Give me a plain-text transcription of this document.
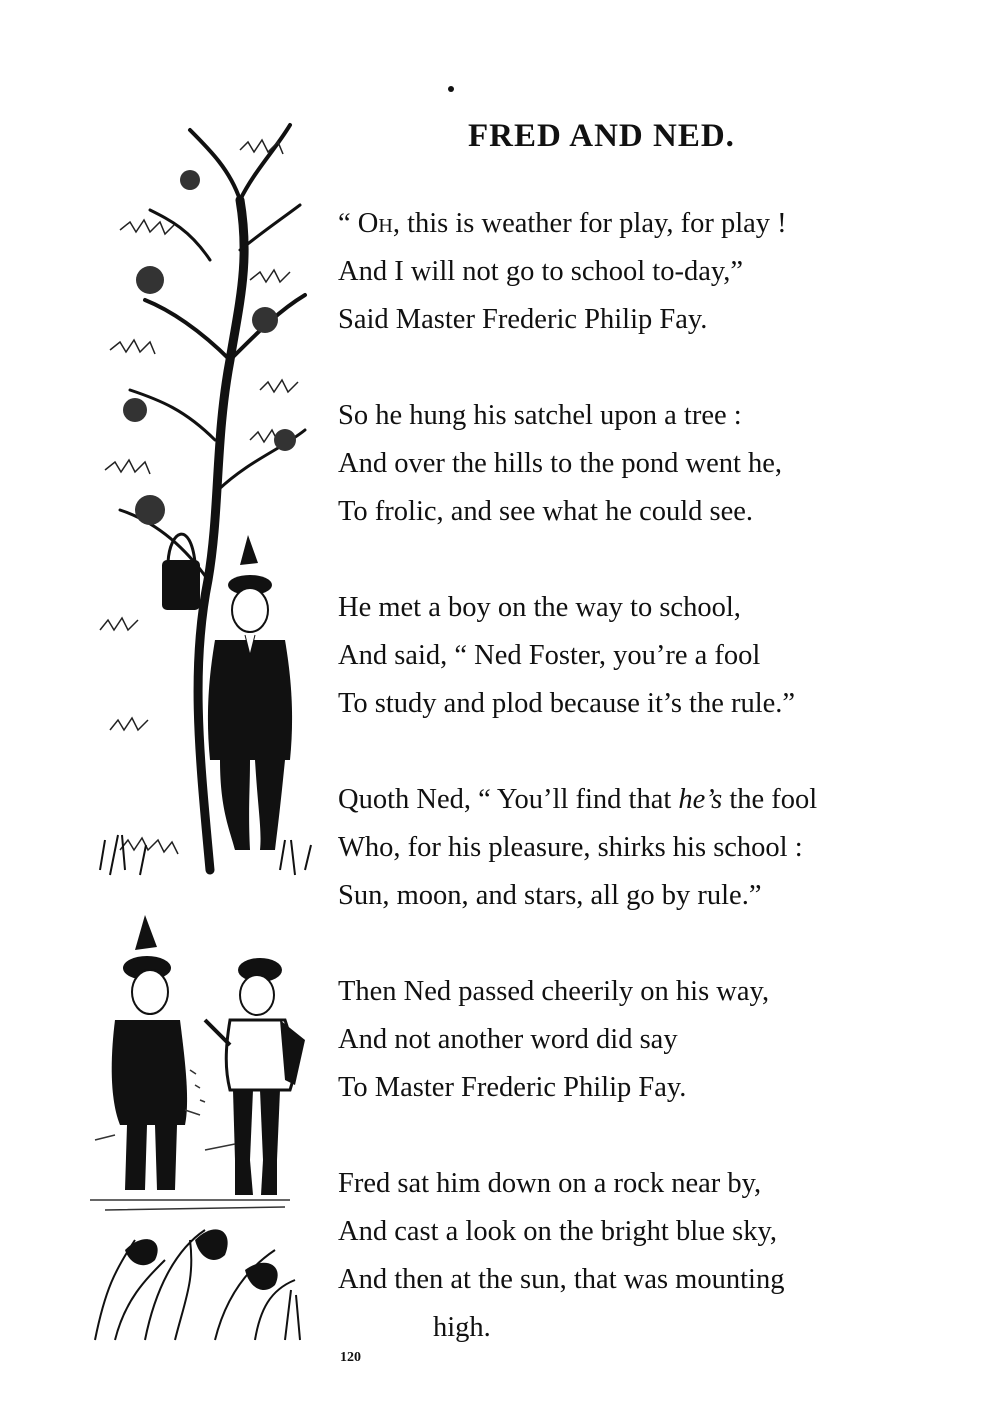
FRED AND NED.
“ Oh, this is weather for play, for play !
And I will not go to school to-day,”
Said Master Frederic Philip Fay.
So he hung his satchel upon a tree :
And over the hills to the pond went he,
To frolic, and see what he could see.
He met a boy on the way to school,
And said, “ Ned Foster, you’re a fool
To study and plod because it’s the rule.”
Quoth Ned, “ You’ll find that he’s the fool
Who, for his pleasure, shirks his school :
Sun, moon, and stars, all go by rule.”
Then Ned passed cheerily on his way,
And not another word did say
To Master Frederic Philip Fay.
Fred sat him down on a rock near by,
And cast a look on the bright blue sky,
And then at the sun, that was mounting
high.
120
